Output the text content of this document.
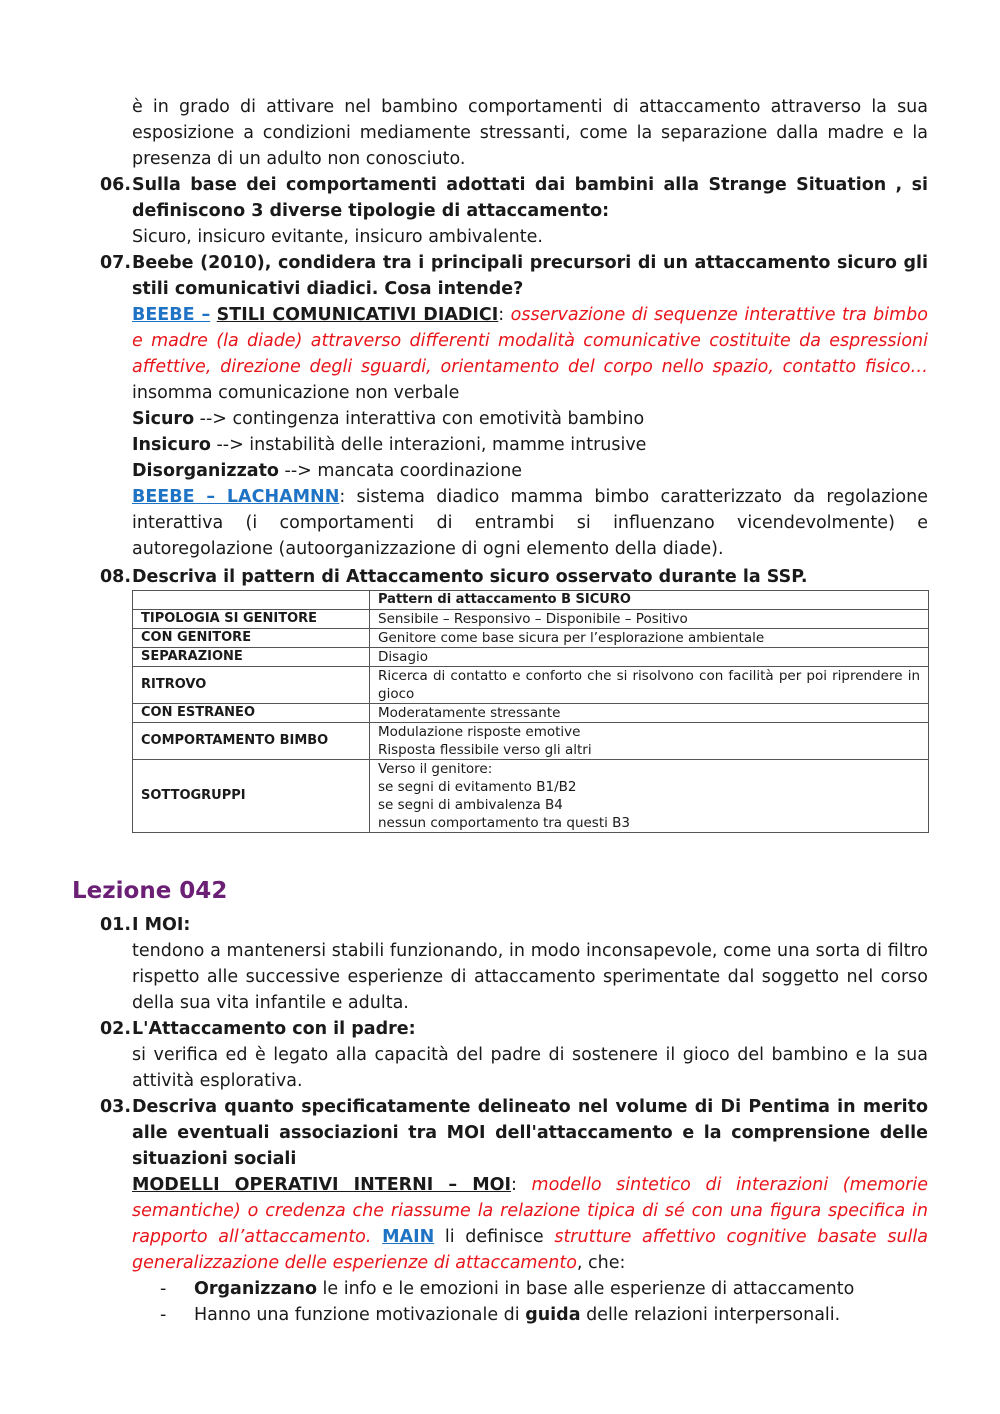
è in grado di attivare nel bambino comportamenti di attaccamento attraverso la sua esposizione a condizioni mediamente stressanti, come la separazione dalla madre e la presenza di un adulto non conosciuto.

06. Sulla base dei comportamenti adottati dai bambini alla Strange Situation , si definiscono 3 diverse tipologie di attaccamento:

Sicuro, insicuro evitante, insicuro ambivalente.

07. Beebe (2010), condidera tra i principali precursori di un attaccamento sicuro gli stili comunicativi diadici. Cosa intende?

BEEBE – STILI COMUNICATIVI DIADICI: osservazione di sequenze interattive tra bimbo e madre (la diade) attraverso differenti modalità comunicative costituite da espressioni affettive, direzione degli sguardi, orientamento del corpo nello spazio, contatto fisico… insomma comunicazione non verbale

Sicuro --> contingenza interattiva con emotività bambino

Insicuro --> instabilità delle interazioni, mamme intrusive

Disorganizzato --> mancata coordinazione

BEEBE – LACHAMNN: sistema diadico mamma bimbo caratterizzato da regolazione interattiva (i comportamenti di entrambi si influenzano vicendevolmente) e autoregolazione (autoorganizzazione di ogni elemento della diade).

08. Descriva il pattern di Attaccamento sicuro osservato durante la SSP.
	Pattern di attaccamento B SICURO
TIPOLOGIA SI GENITORE	Sensibile – Responsivo – Disponibile – Positivo
CON GENITORE	Genitore come base sicura per l’esplorazione ambientale
SEPARAZIONE	Disagio
RITROVO	Ricerca di contatto e conforto che si risolvono con facilità per poi riprendere in gioco
CON ESTRANEO	Moderatamente stressante
COMPORTAMENTO BIMBO	Modulazione risposte emotive
Risposta flessibile verso gli altri

SOTTOGRUPPI	Verso il genitore:
se segni di evitamento B1/B2
se segni di ambivalenza B4
nessun comportamento tra questi B3
Lezione 042
01. I MOI:

tendono a mantenersi stabili funzionando, in modo inconsapevole, come una sorta di filtro rispetto alle successive esperienze di attaccamento sperimentate dal soggetto nel corso della sua vita infantile e adulta.

02. L'Attaccamento con il padre:

si verifica ed è legato alla capacità del padre di sostenere il gioco del bambino e la sua attività esplorativa.

03. Descriva quanto specificatamente delineato nel volume di Di Pentima in merito alle eventuali associazioni tra MOI dell'attaccamento e la comprensione delle situazioni sociali

MODELLI OPERATIVI INTERNI – MOI: modello sintetico di interazioni (memorie semantiche) o credenza che riassume la relazione tipica di sé con una figura specifica in rapporto all’attaccamento. MAIN li definisce strutture affettivo cognitive basate sulla generalizzazione delle esperienze di attaccamento, che:

- Organizzano le info e le emozioni in base alle esperienze di attaccamento
- Hanno una funzione motivazionale di guida delle relazioni interpersonali.
